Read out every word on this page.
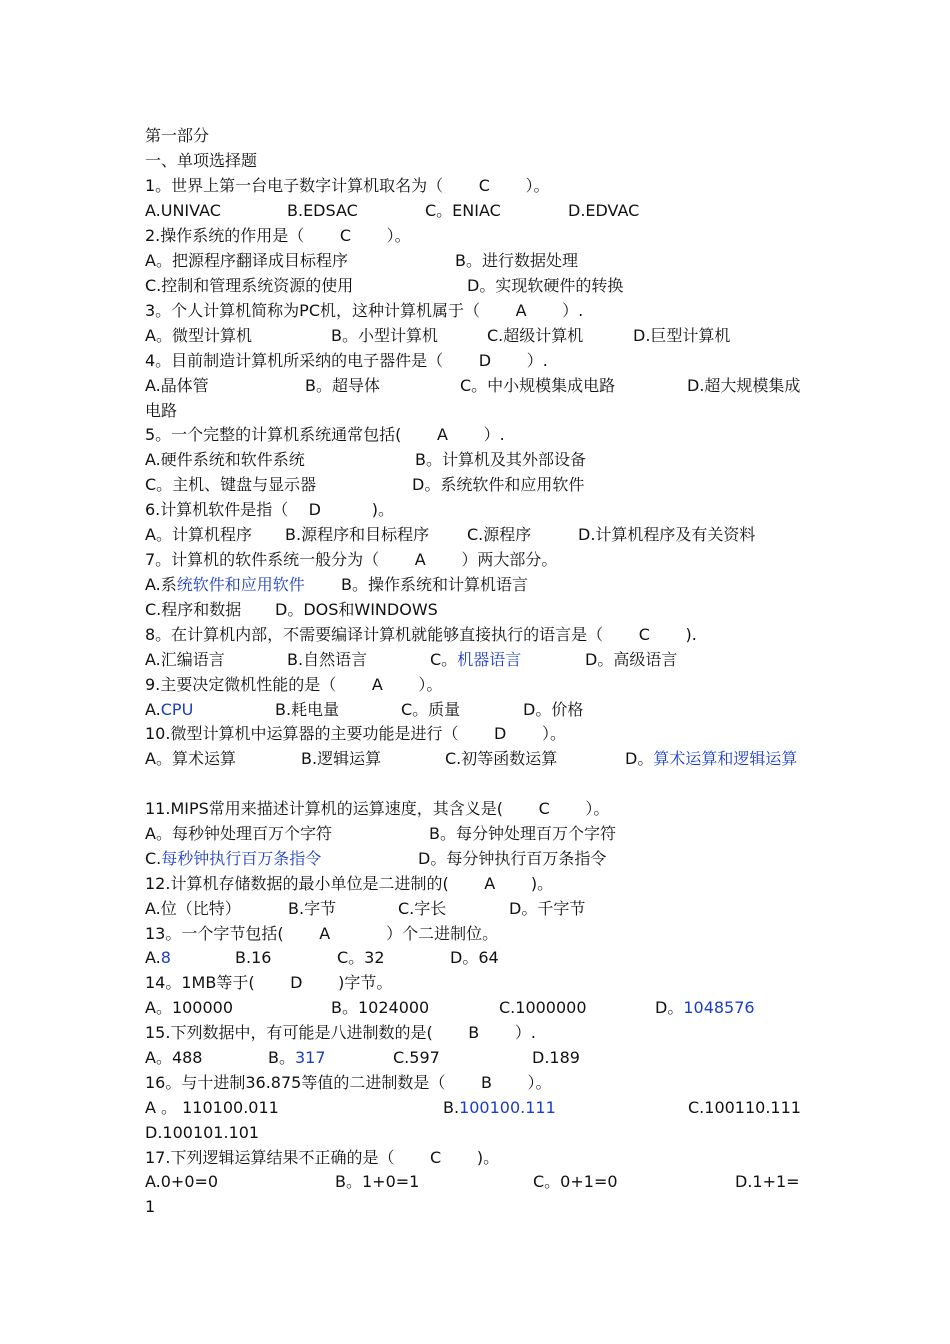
第一部分
一、单项选择题
1。世界上第一台电子数字计算机取名为（       C       ）。

A.UNIVAC

	B.EDSAC

	C。ENIAC

	D.EDVAC

2.操作系统的作用是（       C       ）。

A。把源程序翻译成目标程序

	B。进行数据处理

C.控制和管理系统资源的使用

	D。实现软硬件的转换

3。个人计算机简称为PC机，这种计算机属于（       A       ）.

A。微型计算机

	B。小型计算机

	C.超级计算机

	D.巨型计算机

4。目前制造计算机所采纳的电子器件是（       D       ）.

A.晶体管

	B。超导体

	C。中小规模集成电路

	D.超大规模集成

电路
5。一个完整的计算机系统通常包括(       A       ）.

A.硬件系统和软件系统

	B。计算机及其外部设备

C。主机、键盘与显示器

	D。系统软件和应用软件

6.计算机软件是指（    D          )。

A。计算机程序

B.源程序和目标程序

C.源程序

	D.计算机程序及有关资料

7。计算机的软件系统一般分为（       A       ）两大部分。

A.系统软件和应用软件

B。操作系统和计算机语言

C.程序和数据

D。DOS和WINDOWS

8。在计算机内部，不需要编译计算机就能够直接执行的语言是（       C       ).

A.汇编语言

	B.自然语言

	C。机器语言

	D。高级语言

9.主要决定微机性能的是（       A       ）。

A.CPU

	B.耗电量

	C。质量

	D。价格

10.微型计算机中运算器的主要功能是进行（       D       ）。

A。算术运算

	B.逻辑运算

	C.初等函数运算

	D。算术运算和逻辑运算

11.MIPS常用来描述计算机的运算速度，其含义是(       C       ）。

A。每秒钟处理百万个字符

	B。每分钟处理百万个字符

C.每秒钟执行百万条指令

	D。每分钟执行百万条指令

12.计算机存储数据的最小单位是二进制的(       A       )。

A.位（比特）

	B.字节

	C.字长

	D。千字节

13。一个字节包括(       A           ）个二进制位。

A.8

	B.16

	C。32

	D。64

14。1MB等于(       D       )字节。

A。100000

	B。1024000

	C.1000000

	D。1048576

15.下列数据中，有可能是八进制数的是(       B       ）.

A。488

	B。317

	C.597

	D.189

16。与十进制36.875等值的二进制数是（       B       ）。

A 。 110100.011

	B.100100.111

	C.100110.111

D.100101.101

17.下列逻辑运算结果不正确的是（       C       )。

A.0+0=0

	B。1+0=1

	C。0+1=0

	D.1+1=

1
